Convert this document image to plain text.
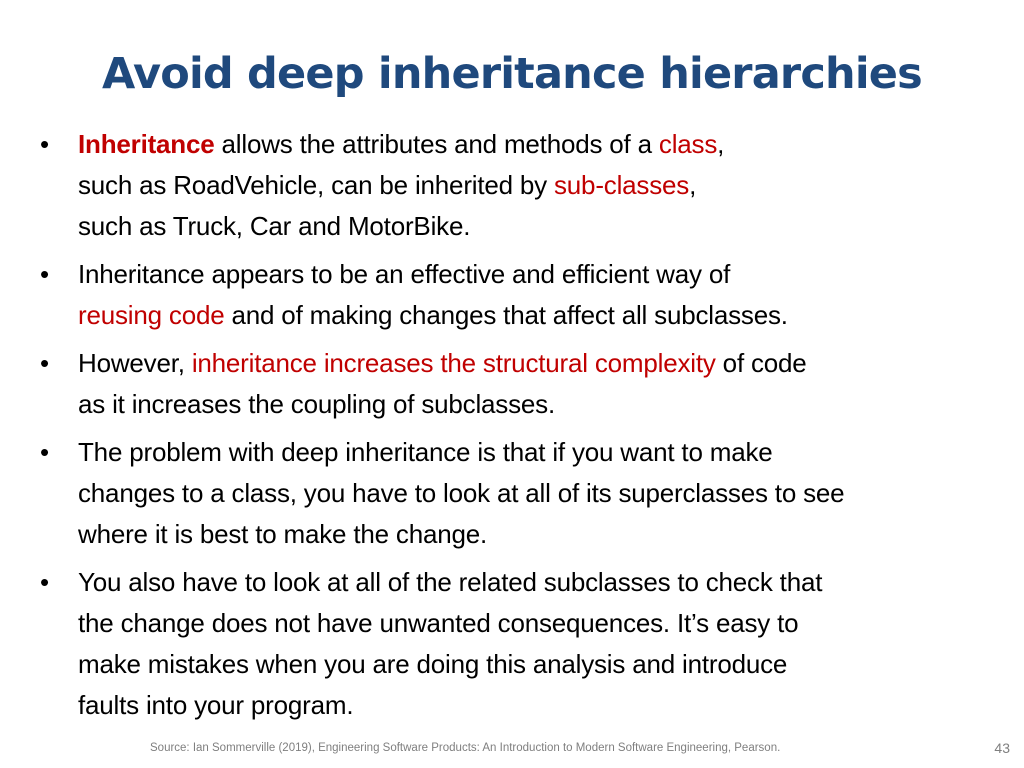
Avoid deep inheritance hierarchies
•	Inheritance allows the attributes and methods of a class,
such as RoadVehicle, can be inherited by sub-classes,
such as Truck, Car and MotorBike.
•	Inheritance appears to be an effective and efficient way of
reusing code and of making changes that affect all subclasses.
•	However, inheritance increases the structural complexity of code
as it increases the coupling of subclasses.
•	The problem with deep inheritance is that if you want to make
changes to a class, you have to look at all of its superclasses to see
where it is best to make the change.
•	You also have to look at all of the related subclasses to check that
the change does not have unwanted consequences. It’s easy to
make mistakes when you are doing this analysis and introduce
faults into your program.
Source: Ian Sommerville (2019), Engineering Software Products: An Introduction to Modern Software Engineering, Pearson.	43
